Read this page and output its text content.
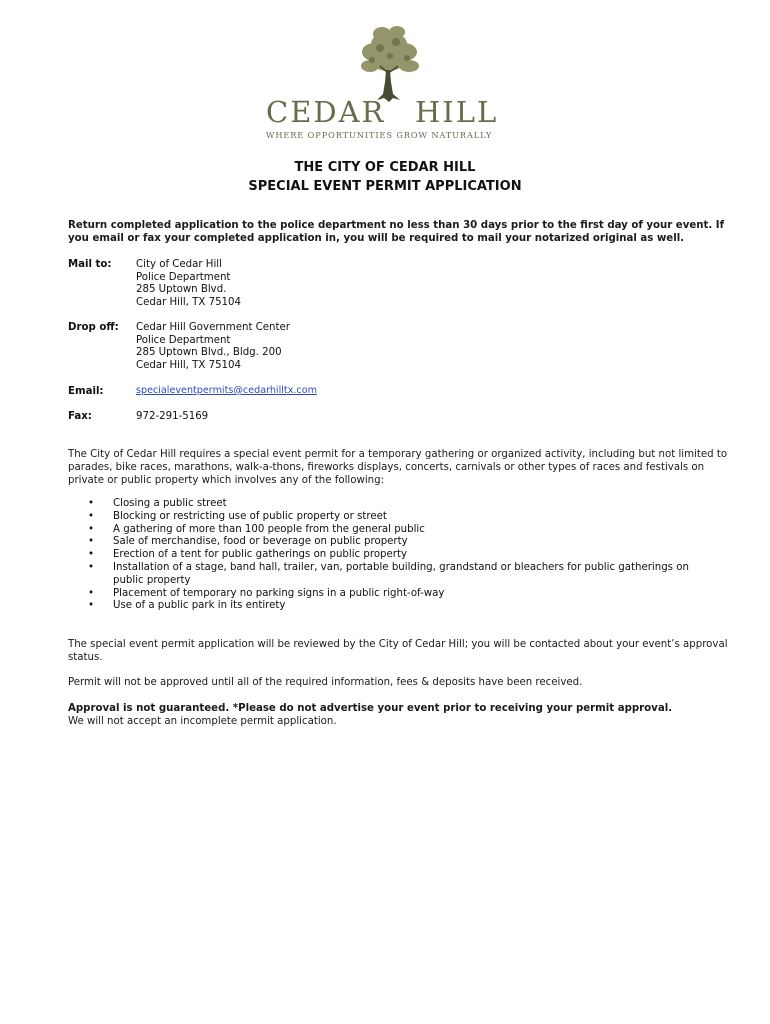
CEDAR HILL
WHERE OPPORTUNITIES GROW NATURALLY
THE CITY OF CEDAR HILL
SPECIAL EVENT PERMIT APPLICATION
Return completed application to the police department no less than 30 days prior to the first day of your event. If you email or fax your completed application in, you will be required to mail your notarized original as well.
Mail to: City of Cedar Hill
Police Department
285 Uptown Blvd.
Cedar Hill, TX 75104
Drop off: Cedar Hill Government Center
Police Department
285 Uptown Blvd., Bldg. 200
Cedar Hill, TX 75104
Email:	specialeventpermits@cedarhilltx.com
Fax:	972-291-5169
The City of Cedar Hill requires a special event permit for a temporary gathering or organized activity, including but not limited to parades, bike races, marathons, walk-a-thons, fireworks displays, concerts, carnivals or other types of races and festivals on private or public property which involves any of the following:
• Closing a public street
• Blocking or restricting use of public property or street
• A gathering of more than 100 people from the general public
• Sale of merchandise, food or beverage on public property
• Erection of a tent for public gatherings on public property
• Installation of a stage, band hall, trailer, van, portable building, grandstand or bleachers for public gatherings on public property
• Placement of temporary no parking signs in a public right-of-way
• Use of a public park in its entirety
The special event permit application will be reviewed by the City of Cedar Hill; you will be contacted about your event’s approval status.
Permit will not be approved until all of the required information, fees & deposits have been received.
Approval is not guaranteed. *Please do not advertise your event prior to receiving your permit approval.
We will not accept an incomplete permit application.
